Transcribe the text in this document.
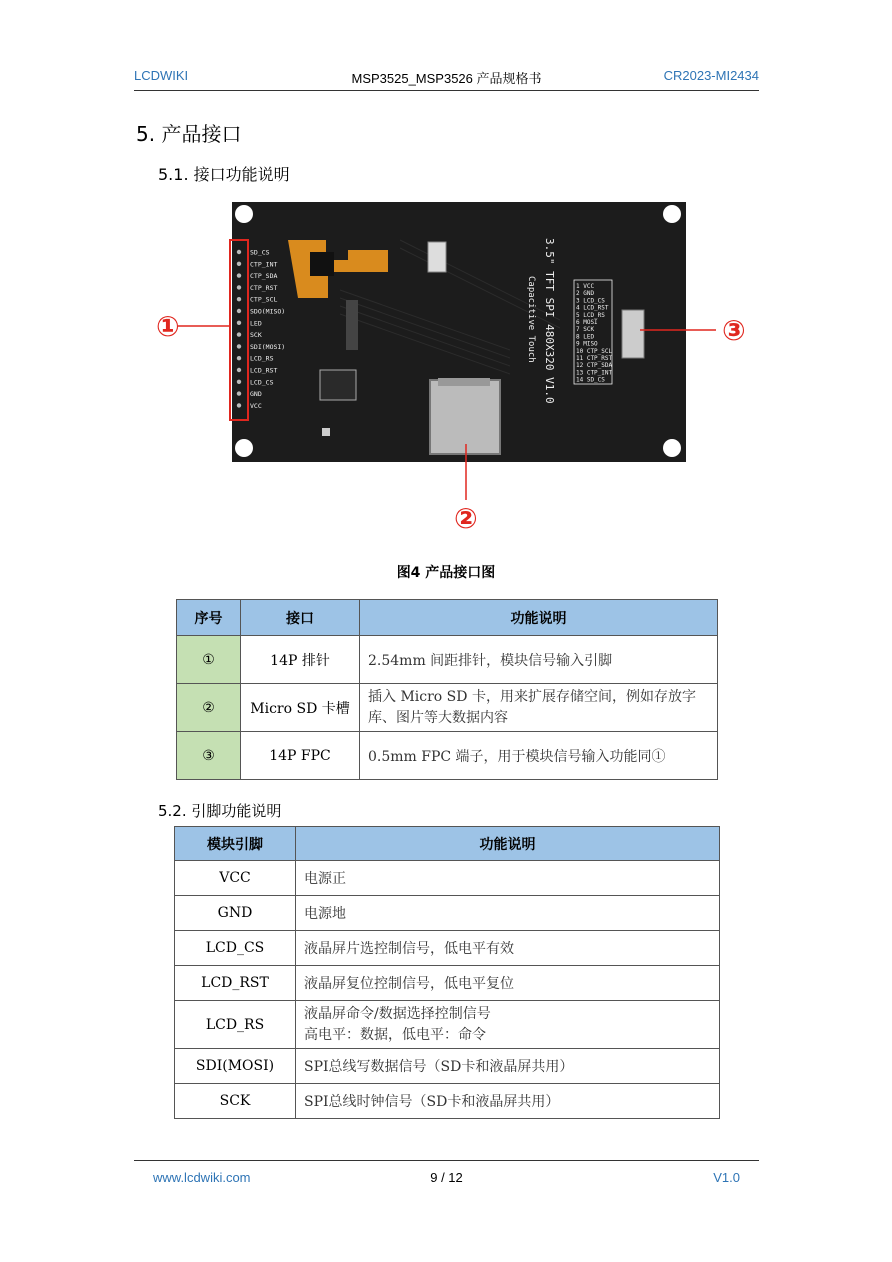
LCDWIKI	MSP3525_MSP3526 产品规格书	CR2023-MI2434
5. 产品接口
5.1. 接口功能说明
SD_CS
CTP_INT
CTP_SDA
CTP_RST
CTP_SCL
SDO(MISO)
LED
SCK
SDI(MOSI)
LCD_RS
LCD_RST
LCD_CS
GND
VCC
1 VCC
2 GND
3 LCD_CS
4 LCD_RST
5 LCD_RS
6 MOSI
7 SCK
8 LED
9 MISO
10 CTP_SCL
11 CTP_RST
12 CTP_SDA
13 CTP_INT
14 SD_CS
3.5" TFT SPI 480X320 V1.0
Capacitive Touch
①
②
③
图4 产品接口图
序号	接口	功能说明
①	14P 排针	2.54mm 间距排针，模块信号输入引脚
②	Micro SD 卡槽	插入 Micro SD 卡，用来扩展存储空间，例如存放字库、图片等大数据内容
③	14P FPC	0.5mm FPC 端子，用于模块信号输入功能同①
5.2. 引脚功能说明
模块引脚	功能说明
VCC	电源正
GND	电源地
LCD_CS	液晶屏片选控制信号，低电平有效
LCD_RST	液晶屏复位控制信号，低电平复位
LCD_RS	液晶屏命令/数据选择控制信号
高电平：数据，低电平：命令

SDI(MOSI)	SPI总线写数据信号（SD卡和液晶屏共用）
SCK	SPI总线时钟信号（SD卡和液晶屏共用）
www.lcdwiki.com	9 / 12	V1.0
